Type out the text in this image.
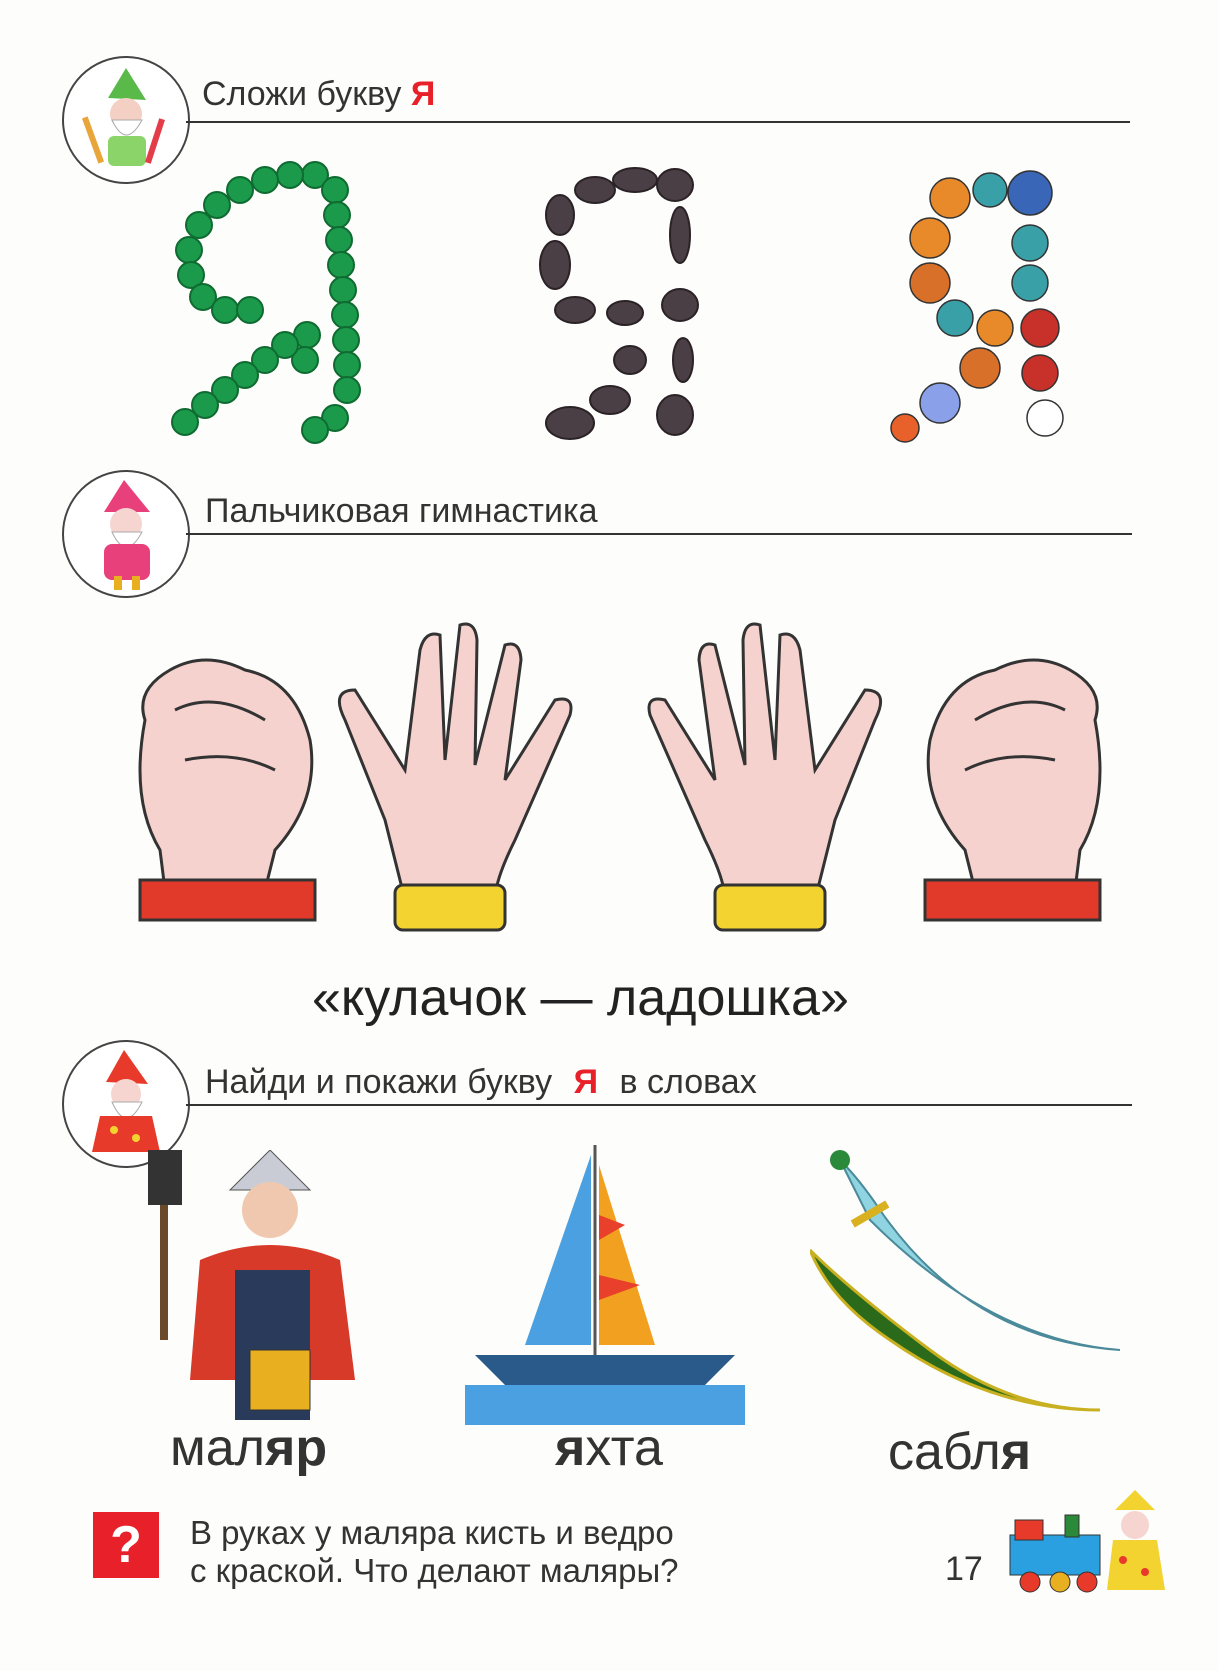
Сложи букву Я
Пальчиковая гимнастика
«кулачок — ладошка»
Найди и покажи букву Я в словах
маляр	яхта	сабля
? В руках у маляра кисть и ведро
с краской. Что делают маляры?	17
